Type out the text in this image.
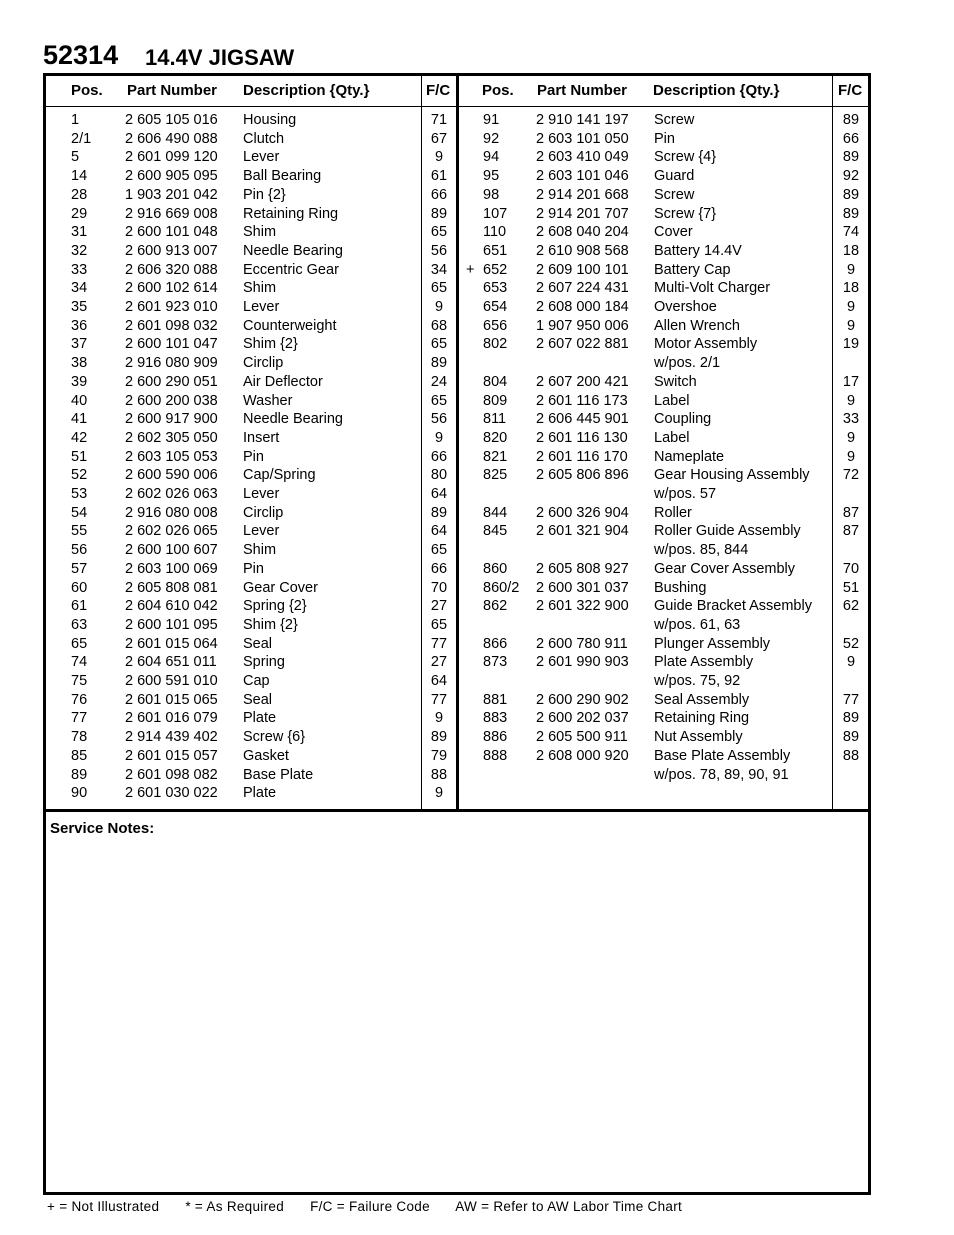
52314 14.4V JIGSAW
Pos. Part Number Description {Qty.}	F/C Pos. Part Number Description {Qty.}	F/C
1	2 605 105 016 Housing	71
2/1 2 606 490 088 Clutch	67
5	2 601 099 120 Lever	9
14	2 600 905 095 Ball Bearing	61
28	1 903 201 042 Pin {2}	66
29	2 916 669 008 Retaining Ring	89
31	2 600 101 048 Shim	65
32	2 600 913 007 Needle Bearing	56
33	2 606 320 088 Eccentric Gear	34
34	2 600 102 614 Shim	65
35	2 601 923 010 Lever	9
36	2 601 098 032 Counterweight	68
37	2 600 101 047 Shim {2}	65
38	2 916 080 909 Circlip	89
39	2 600 290 051 Air Deflector	24
40	2 600 200 038 Washer	65
41	2 600 917 900 Needle Bearing	56
42	2 602 305 050 Insert	9
51	2 603 105 053 Pin	66
52	2 600 590 006 Cap/Spring	80
53	2 602 026 063 Lever	64
54	2 916 080 008 Circlip	89
55	2 602 026 065 Lever	64
56	2 600 100 607 Shim	65
57	2 603 100 069 Pin	66
60	2 605 808 081 Gear Cover	70
61	2 604 610 042 Spring {2}	27
63	2 600 101 095 Shim {2}	65
65	2 601 015 064 Seal	77
74	2 604 651 011 Spring	27
75	2 600 591 010 Cap	64
76	2 601 015 065 Seal	77
77	2 601 016 079 Plate	9
78	2 914 439 402 Screw {6}	89
85	2 601 015 057 Gasket	79
89	2 601 098 082 Base Plate	88
90	2 601 030 022 Plate	9
91	2 910 141 197 Screw	89
92	2 603 101 050 Pin	66
94	2 603 410 049 Screw {4}	89
95	2 603 101 046 Guard	92
98	2 914 201 668 Screw	89
107 2 914 201 707 Screw {7}	89
110 2 608 040 204 Cover	74
651 2 610 908 568 Battery 14.4V	18
+ 652 2 609 100 101 Battery Cap	9
653 2 607 224 431 Multi-Volt Charger	18
654 2 608 000 184 Overshoe	9
656 1 907 950 006 Allen Wrench	9
802 2 607 022 881 Motor Assembly	19
w/pos. 2/1
804 2 607 200 421 Switch	17
809 2 601 116 173 Label	9
811 2 606 445 901 Coupling	33
820 2 601 116 130 Label	9
821 2 601 116 170 Nameplate	9
825 2 605 806 896 Gear Housing Assembly	72
w/pos. 57
844 2 600 326 904 Roller	87
845 2 601 321 904 Roller Guide Assembly	87
w/pos. 85, 844
860 2 605 808 927 Gear Cover Assembly	70
860/2 2 600 301 037 Bushing	51
862 2 601 322 900 Guide Bracket Assembly	62
w/pos. 61, 63
866 2 600 780 911 Plunger Assembly	52
873 2 601 990 903 Plate Assembly	9
w/pos. 75, 92
881 2 600 290 902 Seal Assembly	77
883 2 600 202 037 Retaining Ring	89
886 2 605 500 911 Nut Assembly	89
888 2 608 000 920 Base Plate Assembly	88
w/pos. 78, 89, 90, 91
Service Notes:
+ = Not Illustrated * = As Required F/C = Failure Code AW = Refer to AW Labor Time Chart
